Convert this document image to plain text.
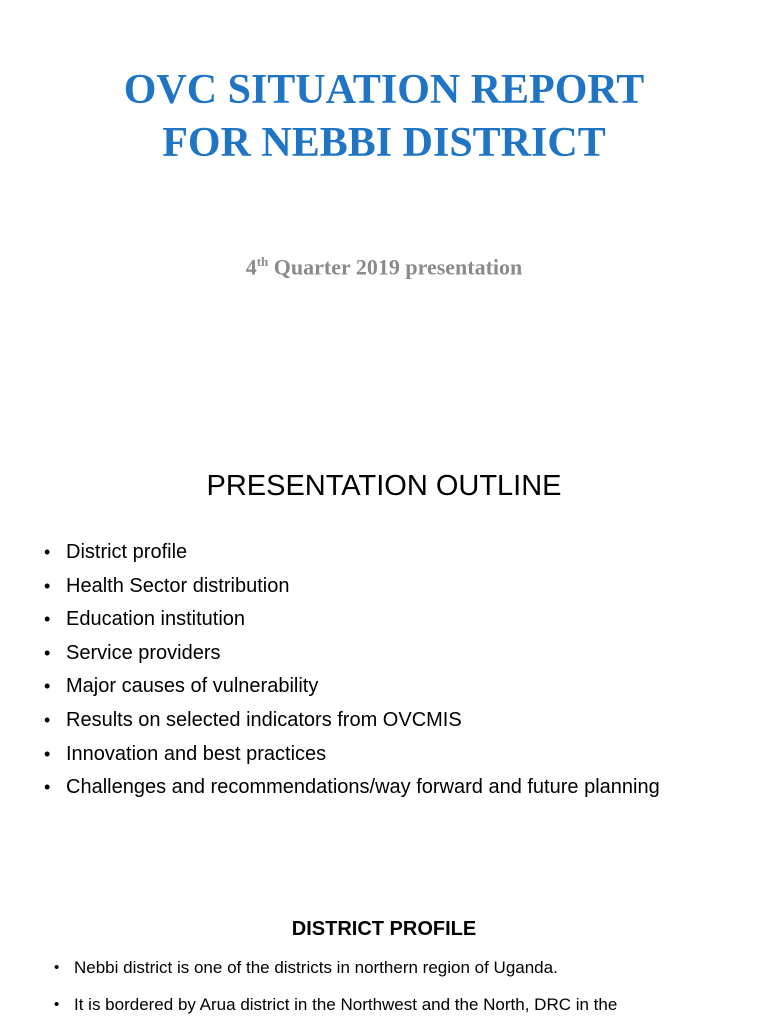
OVC SITUATION REPORT
FOR NEBBI DISTRICT
4th Quarter 2019 presentation
PRESENTATION OUTLINE
• District profile
• Health Sector distribution
• Education institution
• Service providers
• Major causes of vulnerability
• Results on selected indicators from OVCMIS
• Innovation and best practices
• Challenges and recommendations/way forward and future planning
DISTRICT PROFILE
• Nebbi district is one of the districts in northern region of Uganda.
• It is bordered by Arua district in the Northwest and the North, DRC in the
